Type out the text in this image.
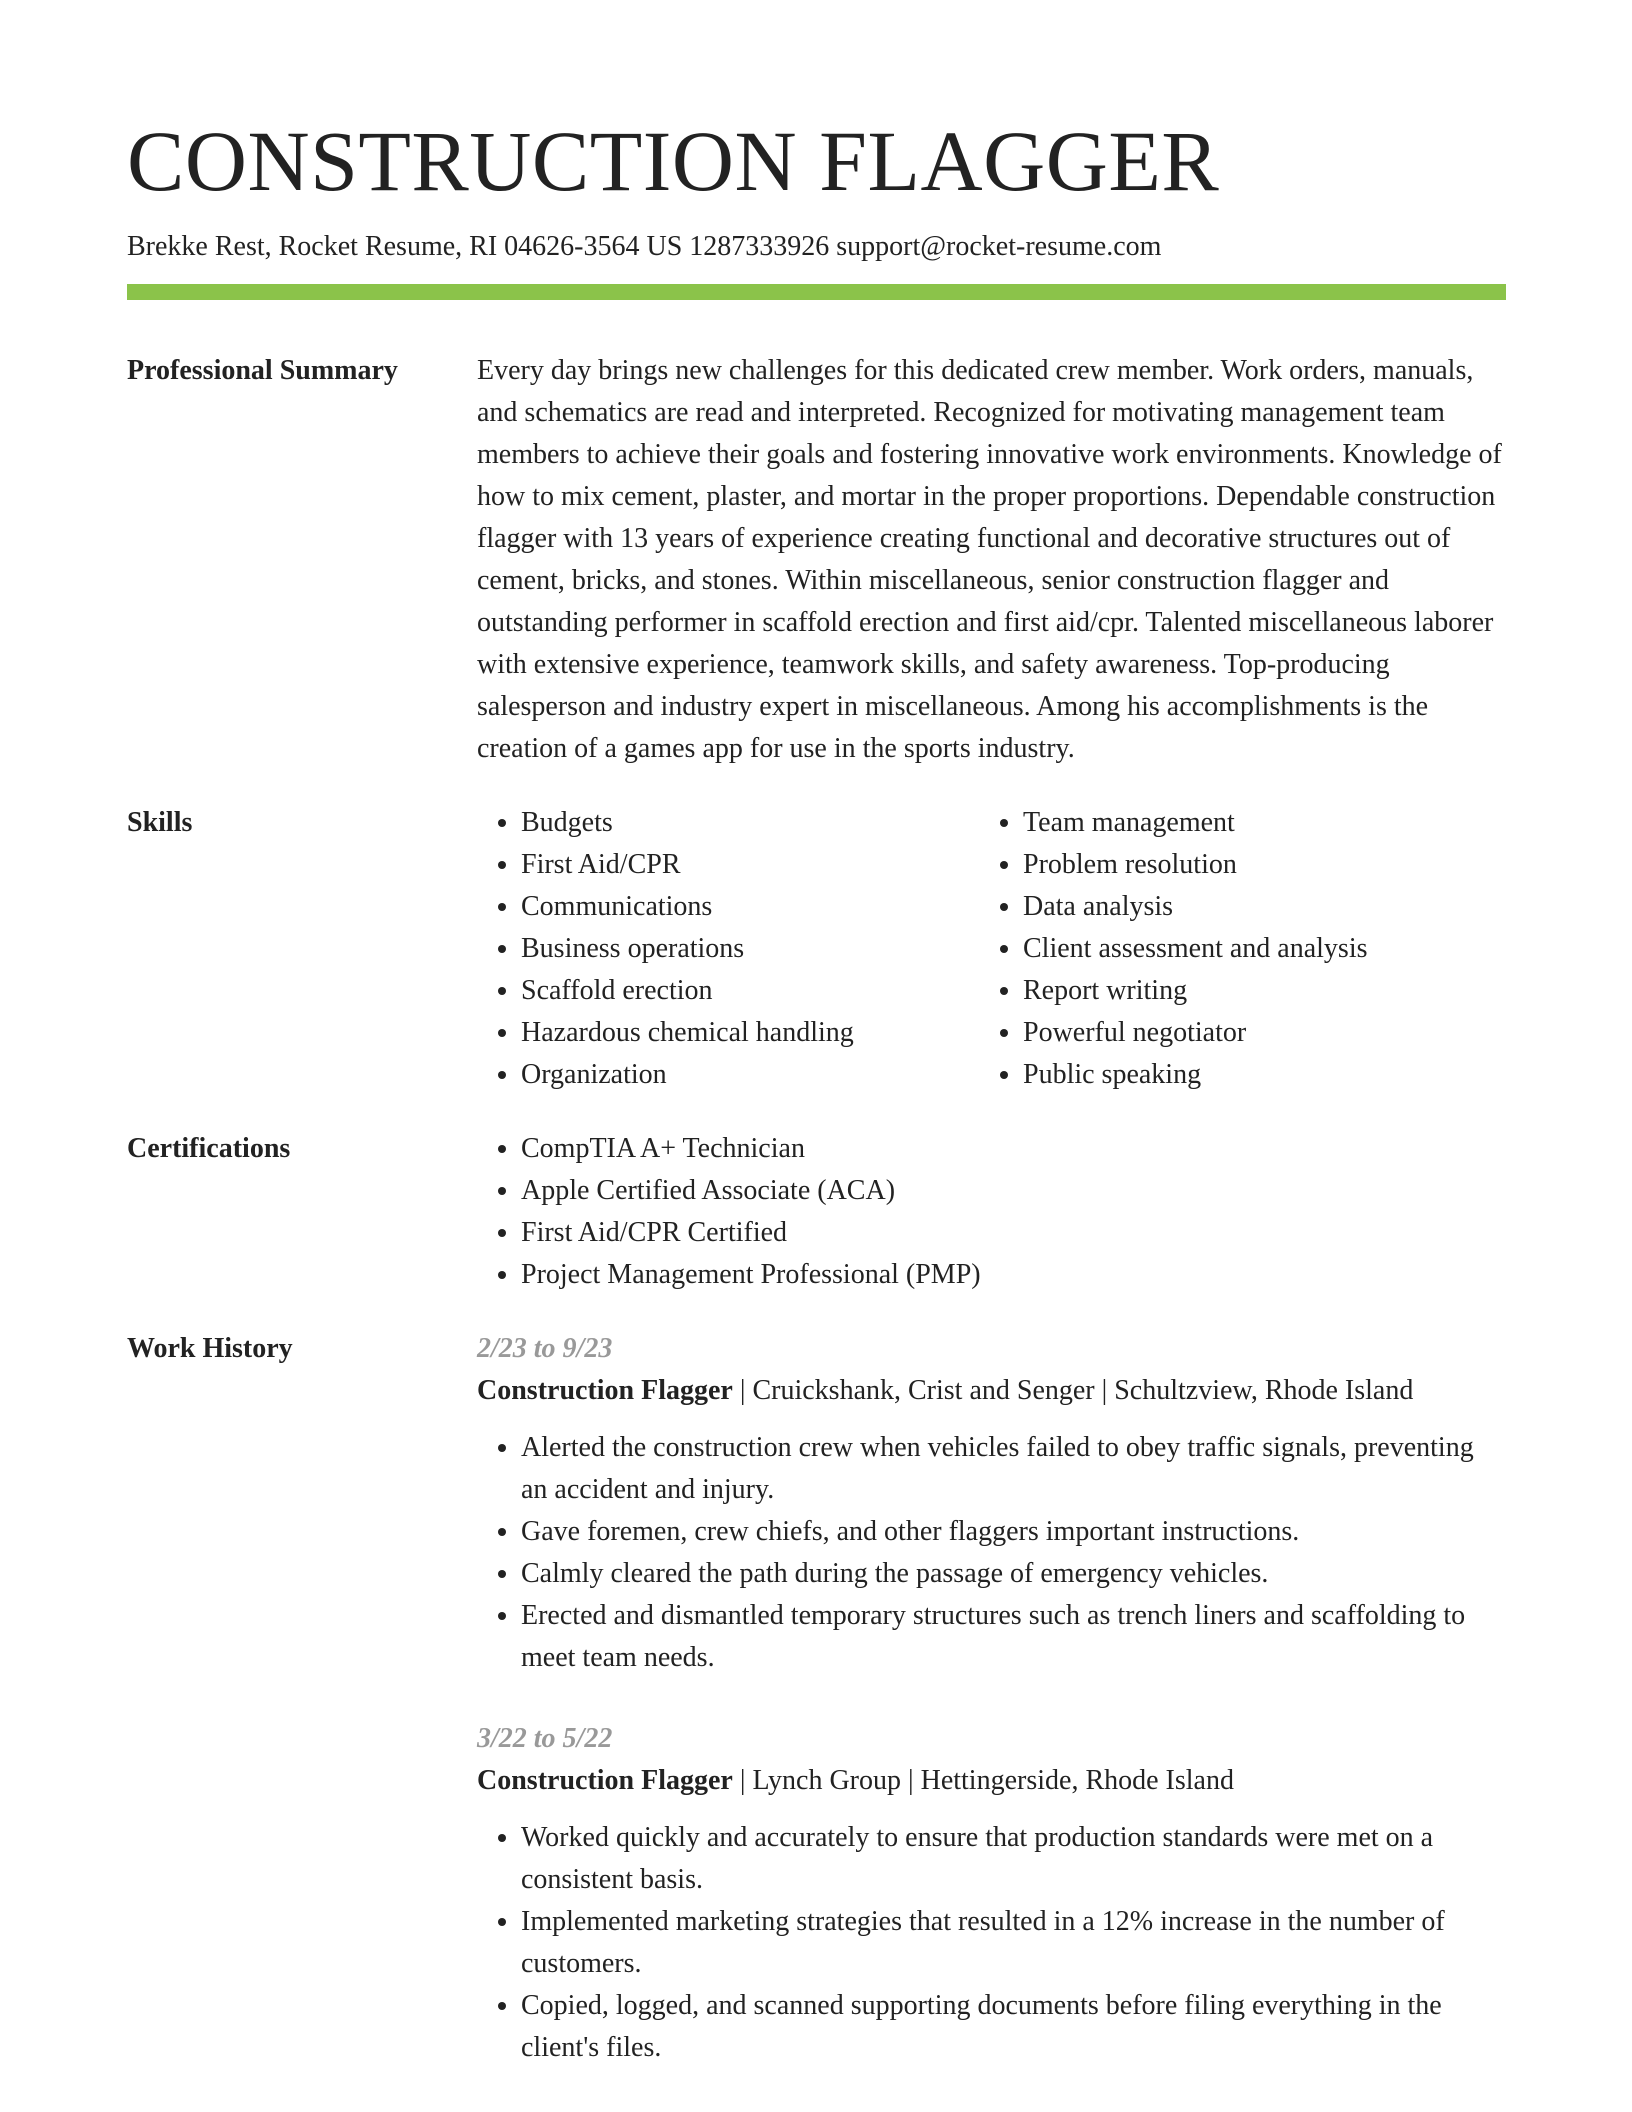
CONSTRUCTION FLAGGER
Brekke Rest, Rocket Resume, RI 04626-3564 US 1287333926 support@rocket-resume.com
Professional Summary	Every day brings new challenges for this dedicated crew member. Work orders, manuals, and schematics are read and interpreted. Recognized for motivating management team members to achieve their goals and fostering innovative work environments. Knowledge of how to mix cement, plaster, and mortar in the proper proportions. Dependable construction flagger with 13 years of experience creating functional and decorative structures out of cement, bricks, and stones. Within miscellaneous, senior construction flagger and outstanding performer in scaffold erection and first aid/cpr. Talented miscellaneous laborer with extensive experience, teamwork skills, and safety awareness. Top-producing salesperson and industry expert in miscellaneous. Among his accomplishments is the creation of a games app for use in the sports industry.
Skills	• Budgets
• First Aid/CPR
• Communications
• Business operations
• Scaffold erection
• Hazardous chemical handling
• Organization
• Team management
• Problem resolution
• Data analysis
• Client assessment and analysis
• Report writing
• Powerful negotiator
• Public speaking
Certifications	• CompTIA A+ Technician
• Apple Certified Associate (ACA)
• First Aid/CPR Certified
• Project Management Professional (PMP)
Work History	2/23 to 9/23
Construction Flagger | Cruickshank, Crist and Senger | Schultzview, Rhode Island
• Alerted the construction crew when vehicles failed to obey traffic signals, preventing an accident and injury.
• Gave foremen, crew chiefs, and other flaggers important instructions.
• Calmly cleared the path during the passage of emergency vehicles.
• Erected and dismantled temporary structures such as trench liners and scaffolding to meet team needs.
3/22 to 5/22
Construction Flagger | Lynch Group | Hettingerside, Rhode Island
• Worked quickly and accurately to ensure that production standards were met on a consistent basis.
• Implemented marketing strategies that resulted in a 12% increase in the number of customers.
• Copied, logged, and scanned supporting documents before filing everything in the client's files.
